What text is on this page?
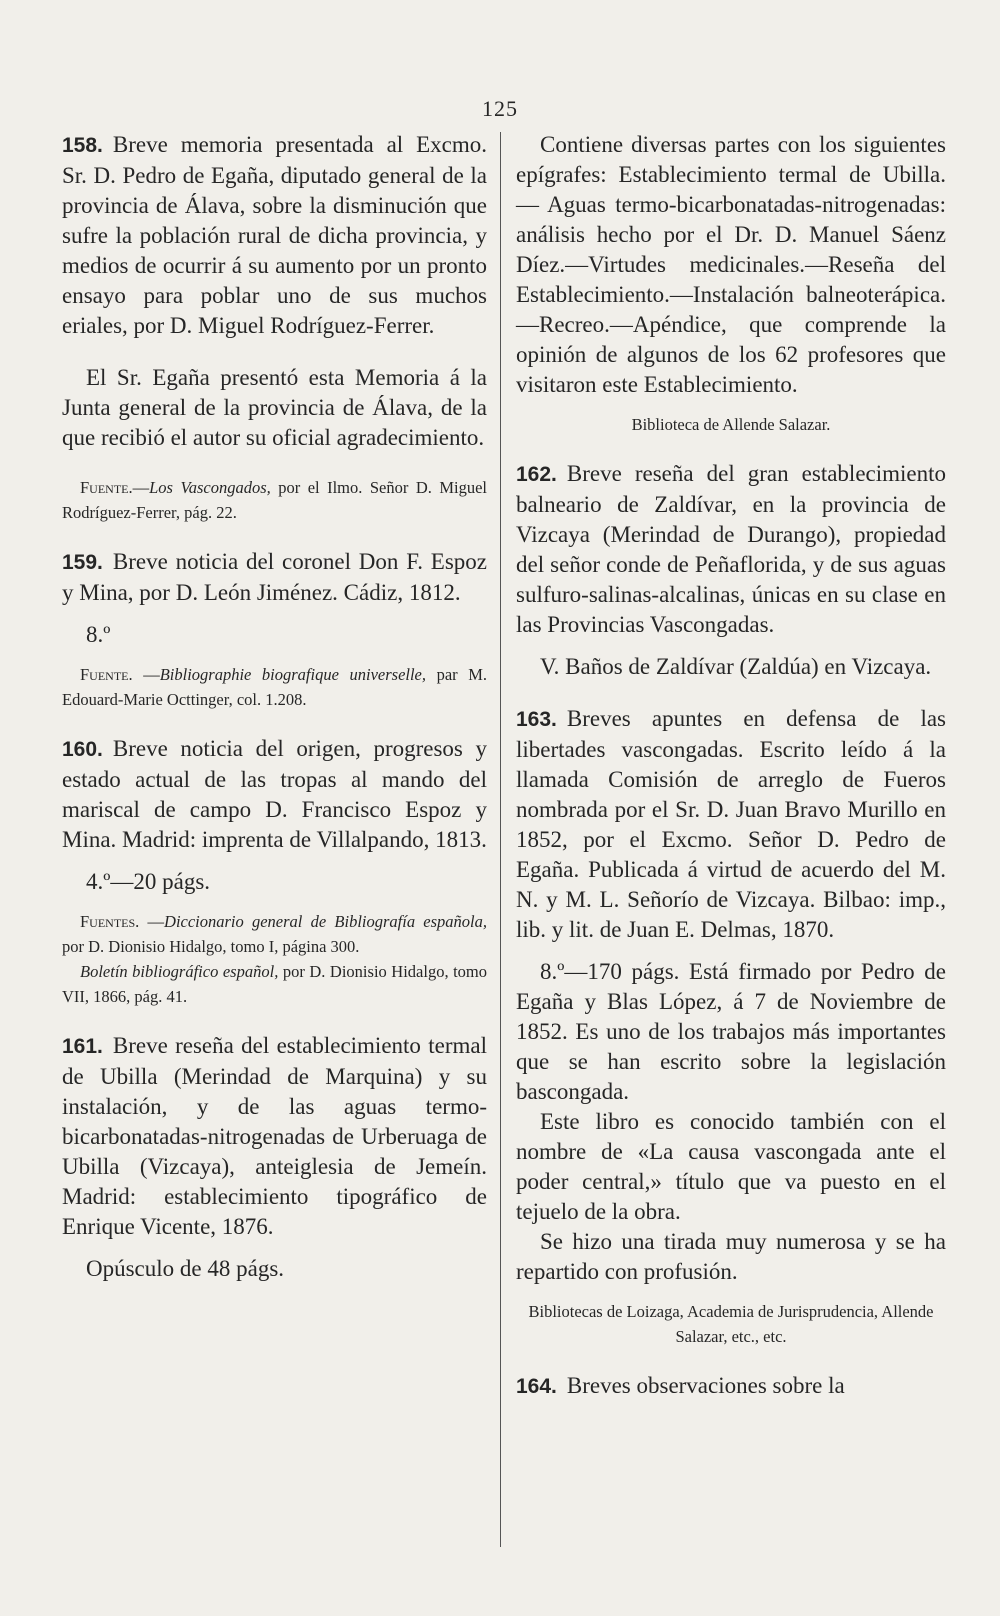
125

158. Breve memoria presentada al Excmo. Sr. D. Pedro de Egaña, diputado general de la provincia de Álava, sobre la disminución que sufre la población rural de dicha provincia, y medios de ocurrir á su aumento por un pronto ensayo para poblar uno de sus muchos eriales, por D. Miguel Rodríguez-Ferrer.

El Sr. Egaña presentó esta Memoria á la Junta general de la provincia de Álava, de la que recibió el autor su oficial agradecimiento.

Fuente.—Los Vascongados, por el Ilmo. Señor D. Miguel Rodríguez-Ferrer, pág. 22.

159. Breve noticia del coronel Don F. Espoz y Mina, por D. León Jiménez. Cádiz, 1812.

8.º

Fuente. —Bibliographie biografique universelle, par M. Edouard-Marie Octtinger, col. 1.208.

160. Breve noticia del origen, progresos y estado actual de las tropas al mando del mariscal de campo D. Francisco Espoz y Mina. Madrid: imprenta de Villalpando, 1813.

4.º—20 págs.

Fuentes. —Diccionario general de Bibliografía española, por D. Dionisio Hidalgo, tomo I, página 300.

Boletín bibliográfico español, por D. Dionisio Hidalgo, tomo VII, 1866, pág. 41.

161. Breve reseña del establecimiento termal de Ubilla (Merindad de Marquina) y su instalación, y de las aguas termo-bicarbonatadas-nitrogenadas de Urberuaga de Ubilla (Vizcaya), anteiglesia de Jemeín. Madrid: establecimiento tipográfico de Enrique Vicente, 1876.

Opúsculo de 48 págs.

Contiene diversas partes con los siguientes epígrafes: Establecimiento termal de Ubilla. — Aguas termo-bicarbonatadas-nitrogenadas: análisis hecho por el Dr. D. Manuel Sáenz Díez.—Virtudes medicinales.—Reseña del Establecimiento.—Instalación balneoterápica.—Recreo.—Apéndice, que comprende la opinión de algunos de los 62 profesores que visitaron este Establecimiento.

Biblioteca de Allende Salazar.

162. Breve reseña del gran establecimiento balneario de Zaldívar, en la provincia de Vizcaya (Merindad de Durango), propiedad del señor conde de Peñaflorida, y de sus aguas sulfuro-salinas-alcalinas, únicas en su clase en las Provincias Vascongadas.

V. Baños de Zaldívar (Zaldúa) en Vizcaya.

163. Breves apuntes en defensa de las libertades vascongadas. Escrito leído á la llamada Comisión de arreglo de Fueros nombrada por el Sr. D. Juan Bravo Murillo en 1852, por el Excmo. Señor D. Pedro de Egaña. Publicada á virtud de acuerdo del M. N. y M. L. Señorío de Vizcaya. Bilbao: imp., lib. y lit. de Juan E. Delmas, 1870.

8.º—170 págs. Está firmado por Pedro de Egaña y Blas López, á 7 de Noviembre de 1852. Es uno de los trabajos más importantes que se han escrito sobre la legislación bascongada.

Este libro es conocido también con el nombre de «La causa vascongada ante el poder central,» título que va puesto en el tejuelo de la obra.

Se hizo una tirada muy numerosa y se ha repartido con profusión.

Bibliotecas de Loizaga, Academia de Jurisprudencia, Allende Salazar, etc., etc.

164. Breves observaciones sobre la
